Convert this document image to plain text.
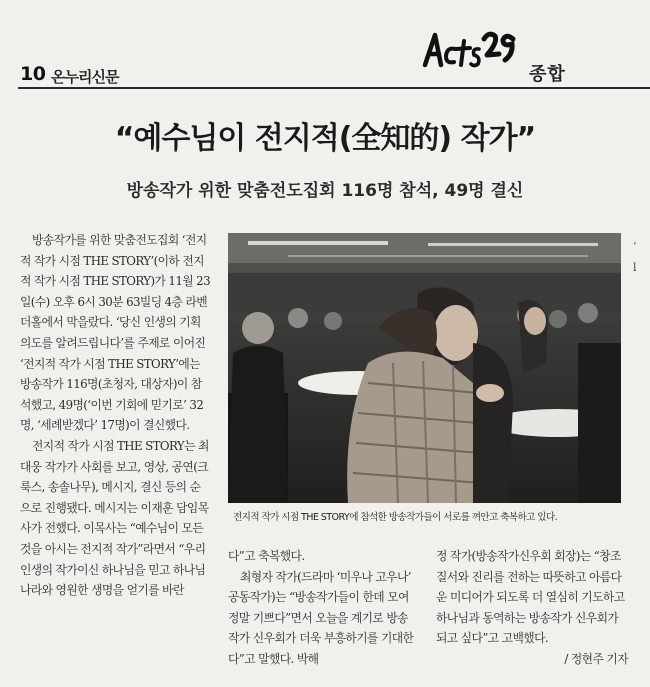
10 온누리신문	종합
“예수님이 전지적(全知的) 작가”
방송작가 위한 맞춤전도집회 116명 참석, 49명 결신

방송작가를 위한 맞춤전도집회 ‘전지적 작가 시점 THE STORY’(이하 전지적 작가 시점 THE STORY)가 11월 23일(수) 오후 6시 30분 63빌딩 4층 라벤더홀에서 막을랐다. ‘당신 인생의 기획 의도를 알려드립니다’를 주제로 이어진 ‘전지적 작가 시점 THE STORY’에는 방송작가 116명(초청자, 대상자)이 참석했고, 49명(‘이번 기회에 믿기로’ 32명, ‘세례받겠다’ 17명)이 결신했다.

전지적 작가 시점 THE STORY는 최대웅 작가가 사회를 보고, 영상, 공연(크룩스, 송솔나무), 메시지, 결신 등의 순으로 진행됐다. 메시지는 이재훈 담임목사가 전했다. 이목사는 “예수님이 모든 것을 아시는 전지적 작가”라면서 “우리 인생의 작가이신 하나님을 믿고 하나님나라와 영원한 생명을 얻기를 바란

전지적 작가 시점 THE STORY에 참석한 방송작가들이 서로를 껴안고 축복하고 있다.

다”고 축복했다.

최형자 작가(드라마 ‘미우나 고우나’ 공동작가)는 “방송작가들이 한데 모여 정말 기쁘다”면서 오늘을 계기로 방송작가 신우회가 더욱 부흥하기를 기대한다”고 말했다. 박해

정 작가(방송작가신우회 회장)는 “창조 질서와 진리를 전하는 따뜻하고 아름다운 미디어가 되도록 더 열심히 기도하고 하나님과 동역하는 방송작가 신우회가 되고 싶다”고 고백했다.

/ 정현주 기자

‘
l
